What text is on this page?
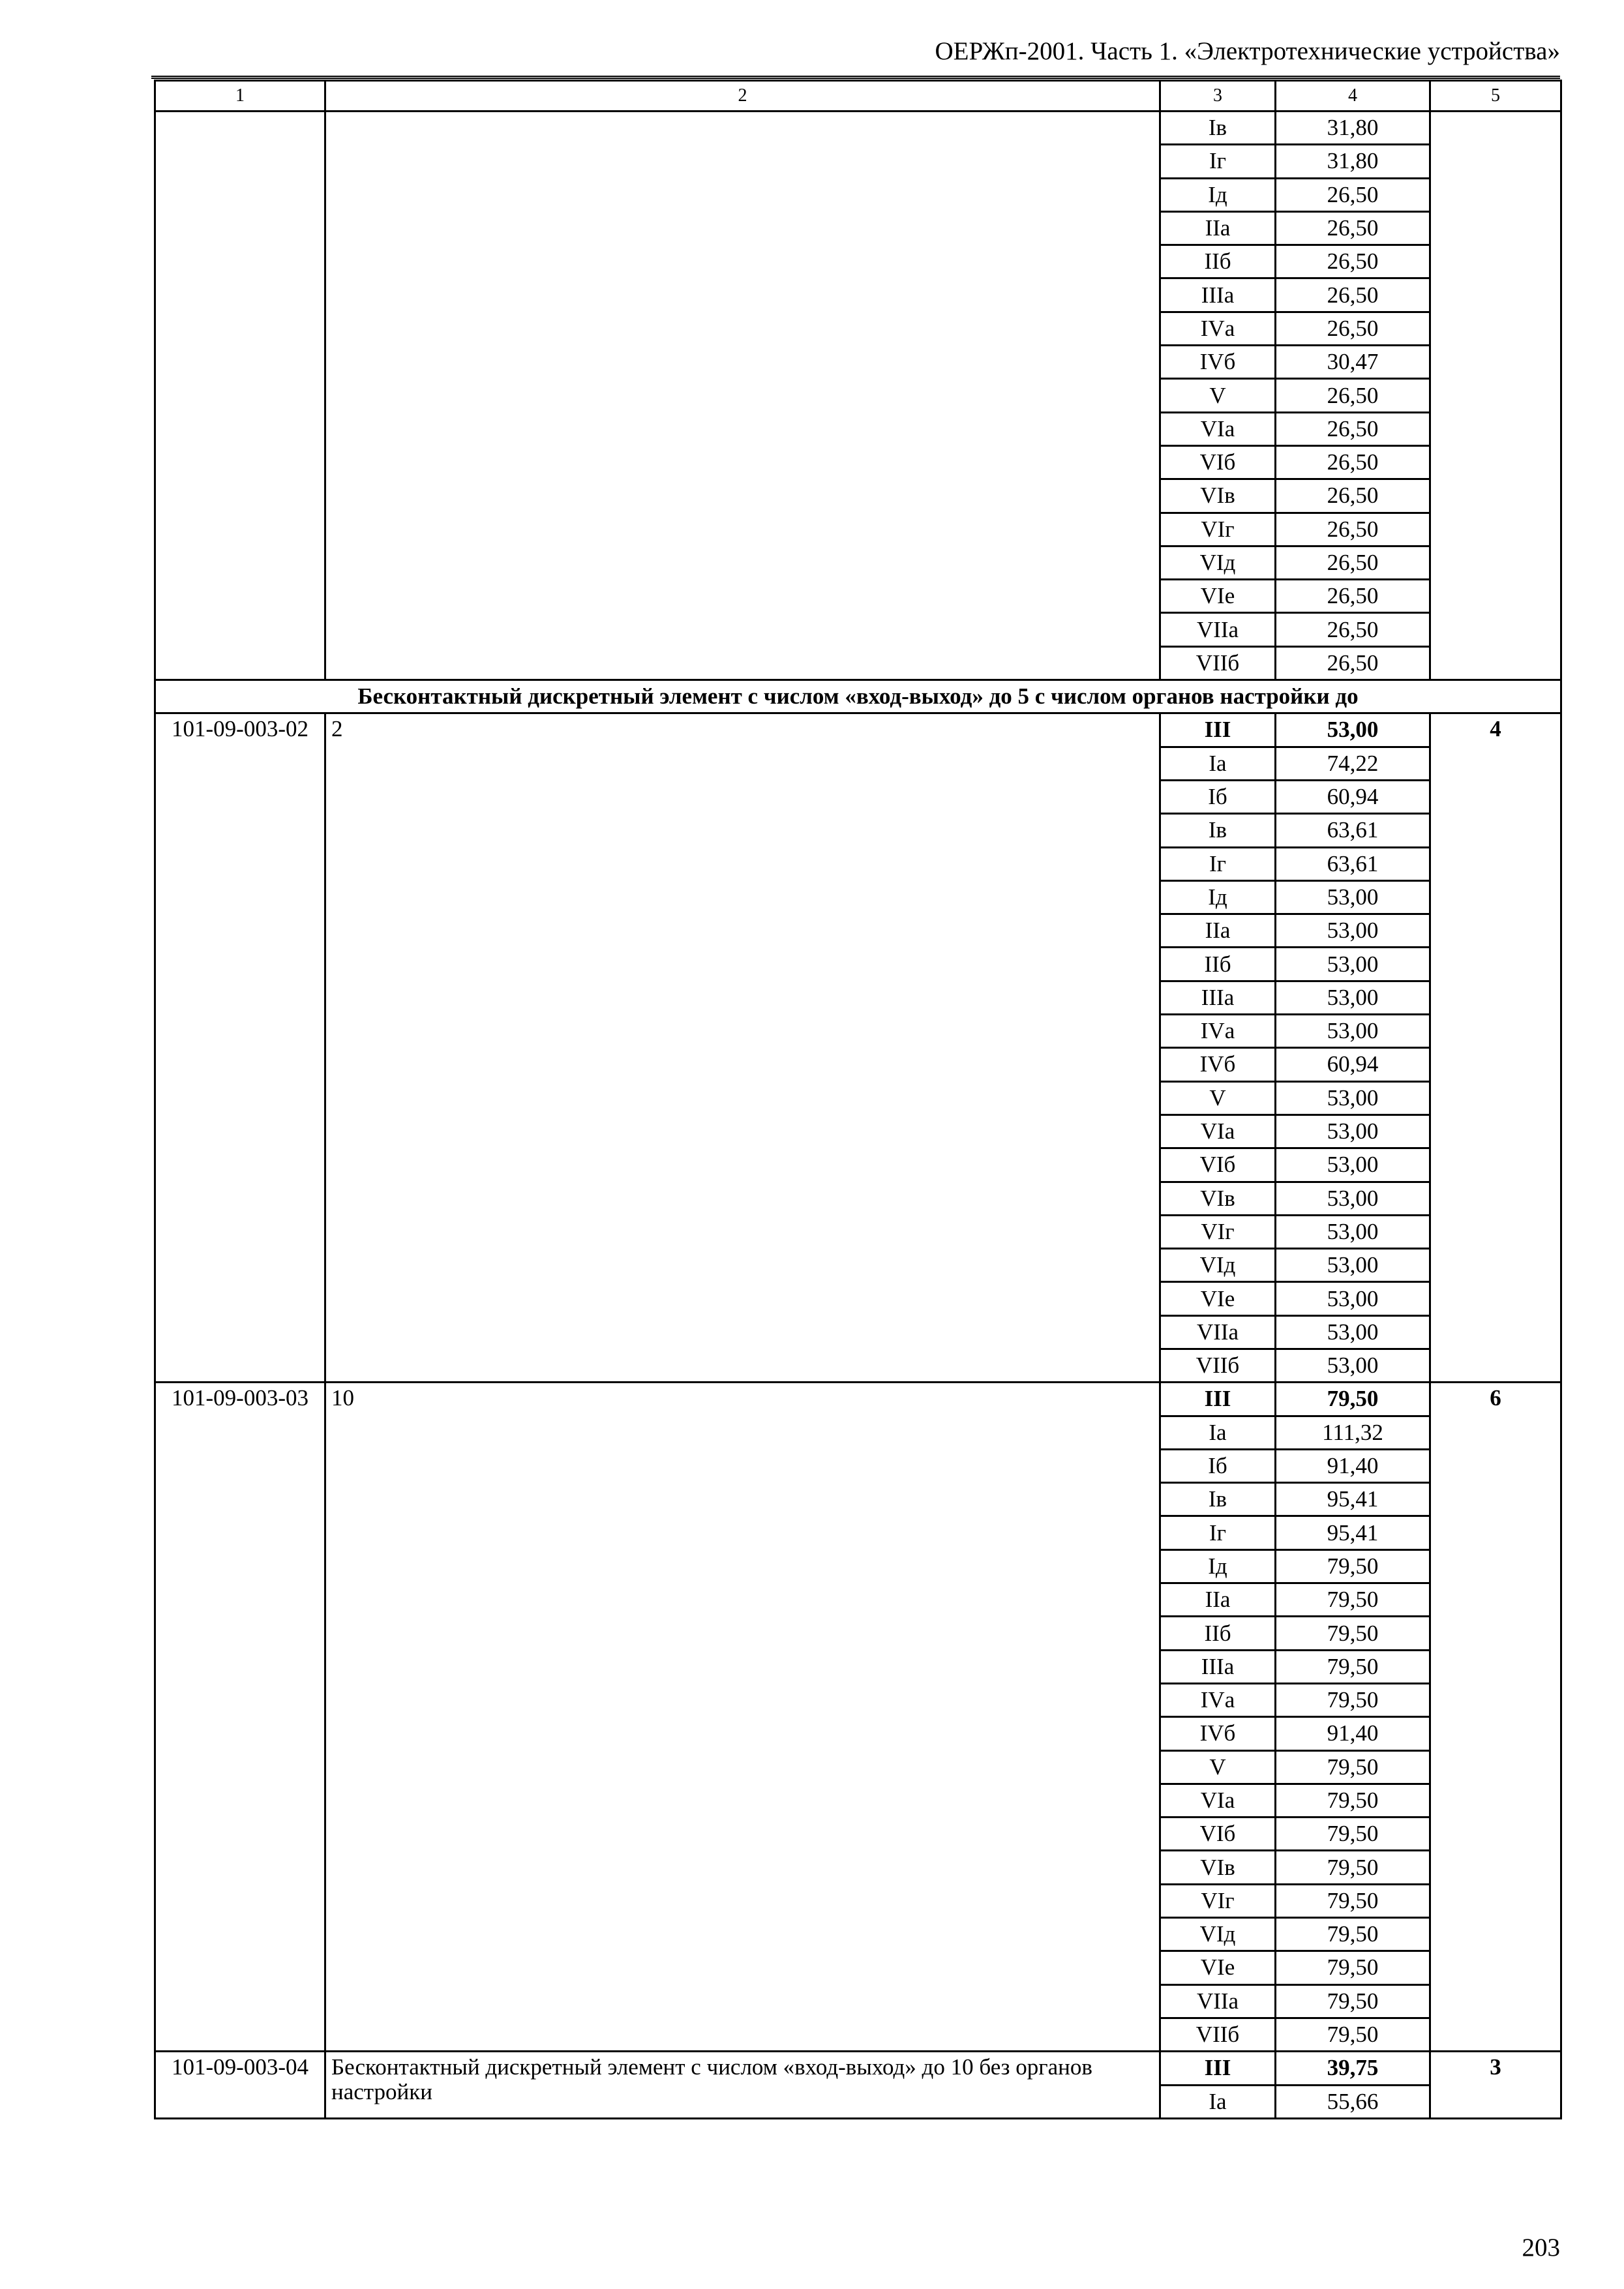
ОЕРЖп-2001. Часть 1. «Электротехнические устройства»
1	2	3	4	5
		Iв	31,80	
		Iг	31,80	
		Iд	26,50	
		IIа	26,50	
		IIб	26,50	
		IIIа	26,50	
		IVа	26,50	
		IVб	30,47	
		V	26,50	
		VIа	26,50	
		VIб	26,50	
		VIв	26,50	
		VIг	26,50	
		VIд	26,50	
		VIе	26,50	
		VIIа	26,50	
		VIIб	26,50	
Бесконтактный дискретный элемент с числом «вход-выход» до 5 с числом органов настройки до				
101-09-003-02	2	III	53,00	4
		Iа	74,22	
		Iб	60,94	
		Iв	63,61	
		Iг	63,61	
		Iд	53,00	
		IIа	53,00	
		IIб	53,00	
		IIIа	53,00	
		IVа	53,00	
		IVб	60,94	
		V	53,00	
		VIа	53,00	
		VIб	53,00	
		VIв	53,00	
		VIг	53,00	
		VIд	53,00	
		VIе	53,00	
		VIIа	53,00	
		VIIб	53,00	
101-09-003-03	10	III	79,50	6
		Iа	111,32	
		Iб	91,40	
		Iв	95,41	
		Iг	95,41	
		Iд	79,50	
		IIа	79,50	
		IIб	79,50	
		IIIа	79,50	
		IVа	79,50	
		IVб	91,40	
		V	79,50	
		VIа	79,50	
		VIб	79,50	
		VIв	79,50	
		VIг	79,50	
		VIд	79,50	
		VIе	79,50	
		VIIа	79,50	
		VIIб	79,50	
101-09-003-04	Бесконтактный дискретный элемент с числом «вход-выход» до 10 без органов настройки	III	39,75	3
		Iа	55,66	
203
